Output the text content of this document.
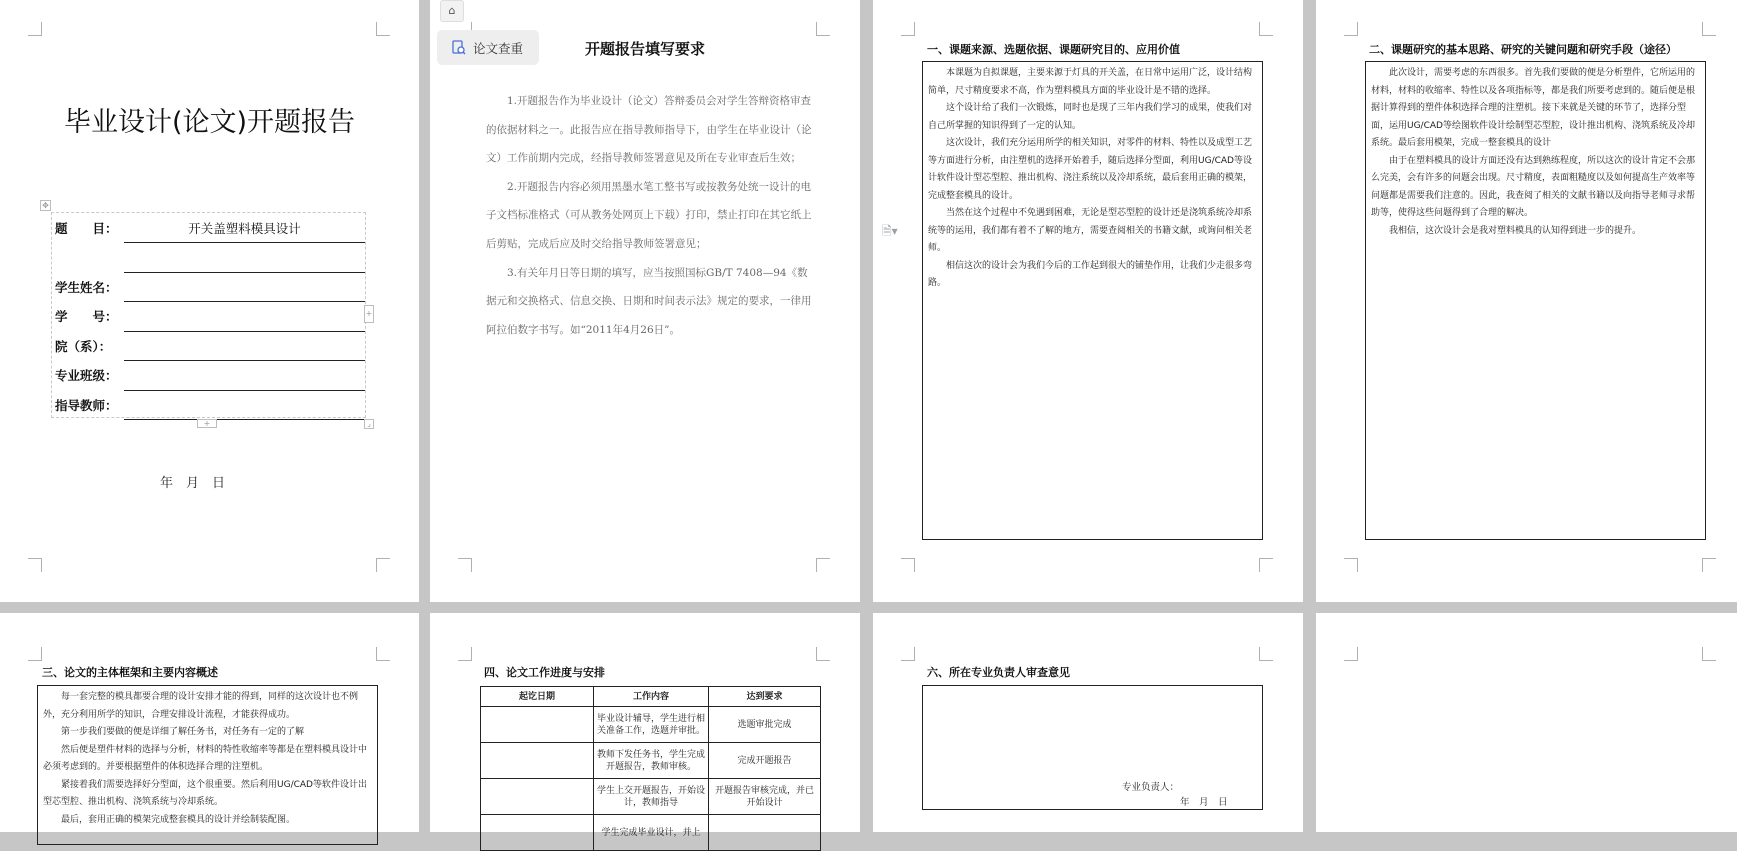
毕业设计(论文)开题报告
✥
题　　目：	开关盖塑料模具设计

学生姓名：	
学　　号：	
院（系）：	
专业班级：	
指导教师：	
+
+	⌟
年　月　日
⌂
论文查重	开题报告填写要求

1.开题报告作为毕业设计（论文）答辩委员会对学生答辩资格审查的依据材料之一。此报告应在指导教师指导下，由学生在毕业设计（论文）工作前期内完成，经指导教师签署意见及所在专业审查后生效；

2.开题报告内容必须用黑墨水笔工整书写或按教务处统一设计的电子文档标准格式（可从教务处网页上下载）打印，禁止打印在其它纸上后剪贴，完成后应及时交给指导教师签署意见；

3.有关年月日等日期的填写，应当按照国标GB/T 7408—94《数据元和交换格式、信息交换、日期和时间表示法》规定的要求，一律用阿拉伯数字书写。如“2011年4月26日”。

🗎▾
一、课题来源、选题依据、课题研究目的、应用价值

本课题为自拟课题，主要来源于灯具的开关盖，在日常中运用广泛，设计结构简单，尺寸精度要求不高，作为塑料模具方面的毕业设计是不错的选择。

这个设计给了我们一次锻炼，同时也是现了三年内我们学习的成果，使我们对自己所掌握的知识得到了一定的认知。

这次设计，我们充分运用所学的相关知识，对零件的材料、特性以及成型工艺等方面进行分析，由注塑机的选择开始着手，随后选择分型面，利用UG/CAD等设计软件设计型芯型腔、推出机构、浇注系统以及冷却系统，最后套用正确的模架，完成整套模具的设计。

当然在这个过程中不免遇到困难，无论是型芯型腔的设计还是浇筑系统冷却系统等的运用，我们都有着不了解的地方，需要查阅相关的书籍文献，或询问相关老师。

相信这次的设计会为我们今后的工作起到很大的铺垫作用，让我们少走很多弯路。

二、课题研究的基本思路、研究的关键问题和研究手段（途径）

此次设计，需要考虑的东西很多。首先我们要做的便是分析塑件，它所运用的材料，材料的收缩率、特性以及各项指标等，都是我们所要考虑到的。随后便是根据计算得到的塑件体积选择合理的注塑机。接下来就是关键的环节了，选择分型面，运用UG/CAD等绘图软件设计绘制型芯型腔，设计推出机构、浇筑系统及冷却系统。最后套用模架，完成一整套模具的设计

由于在塑料模具的设计方面还没有达到熟练程度，所以这次的设计肯定不会那么完美，会有许多的问题会出现。尺寸精度，表面粗糙度以及如何提高生产效率等问题都是需要我们注意的。因此，我查阅了相关的文献书籍以及向指导老师寻求帮助等，使得这些问题得到了合理的解决。

我相信，这次设计会是我对塑料模具的认知得到进一步的提升。

三、论文的主体框架和主要内容概述

每一套完整的模具都要合理的设计安排才能的得到，同样的这次设计也不例外，充分利用所学的知识，合理安排设计流程，才能获得成功。

第一步我们要做的便是详细了解任务书，对任务有一定的了解

然后便是塑件材料的选择与分析，材料的特性收缩率等都是在塑料模具设计中必须考虑到的。并要根据塑件的体积选择合理的注塑机。

紧接着我们需要选择好分型面，这个很重要。然后利用UG/CAD等软件设计出型芯型腔、推出机构、浇筑系统与冷却系统。

最后，套用正确的模架完成整套模具的设计并绘制装配图。

四、论文工作进度与安排
起讫日期	工作内容	达到要求
	毕业设计辅导，学生进行相关准备工作，选题并审批。	选题审批完成
	教师下发任务书，学生完成开题报告，教师审核。	完成开题报告
	学生上交开题报告，开始设计，教师指导	开题报告审核完成，并已开始设计
	学生完成毕业设计，并上	
六、所在专业负责人审查意见
专业负责人：
年　月　日
